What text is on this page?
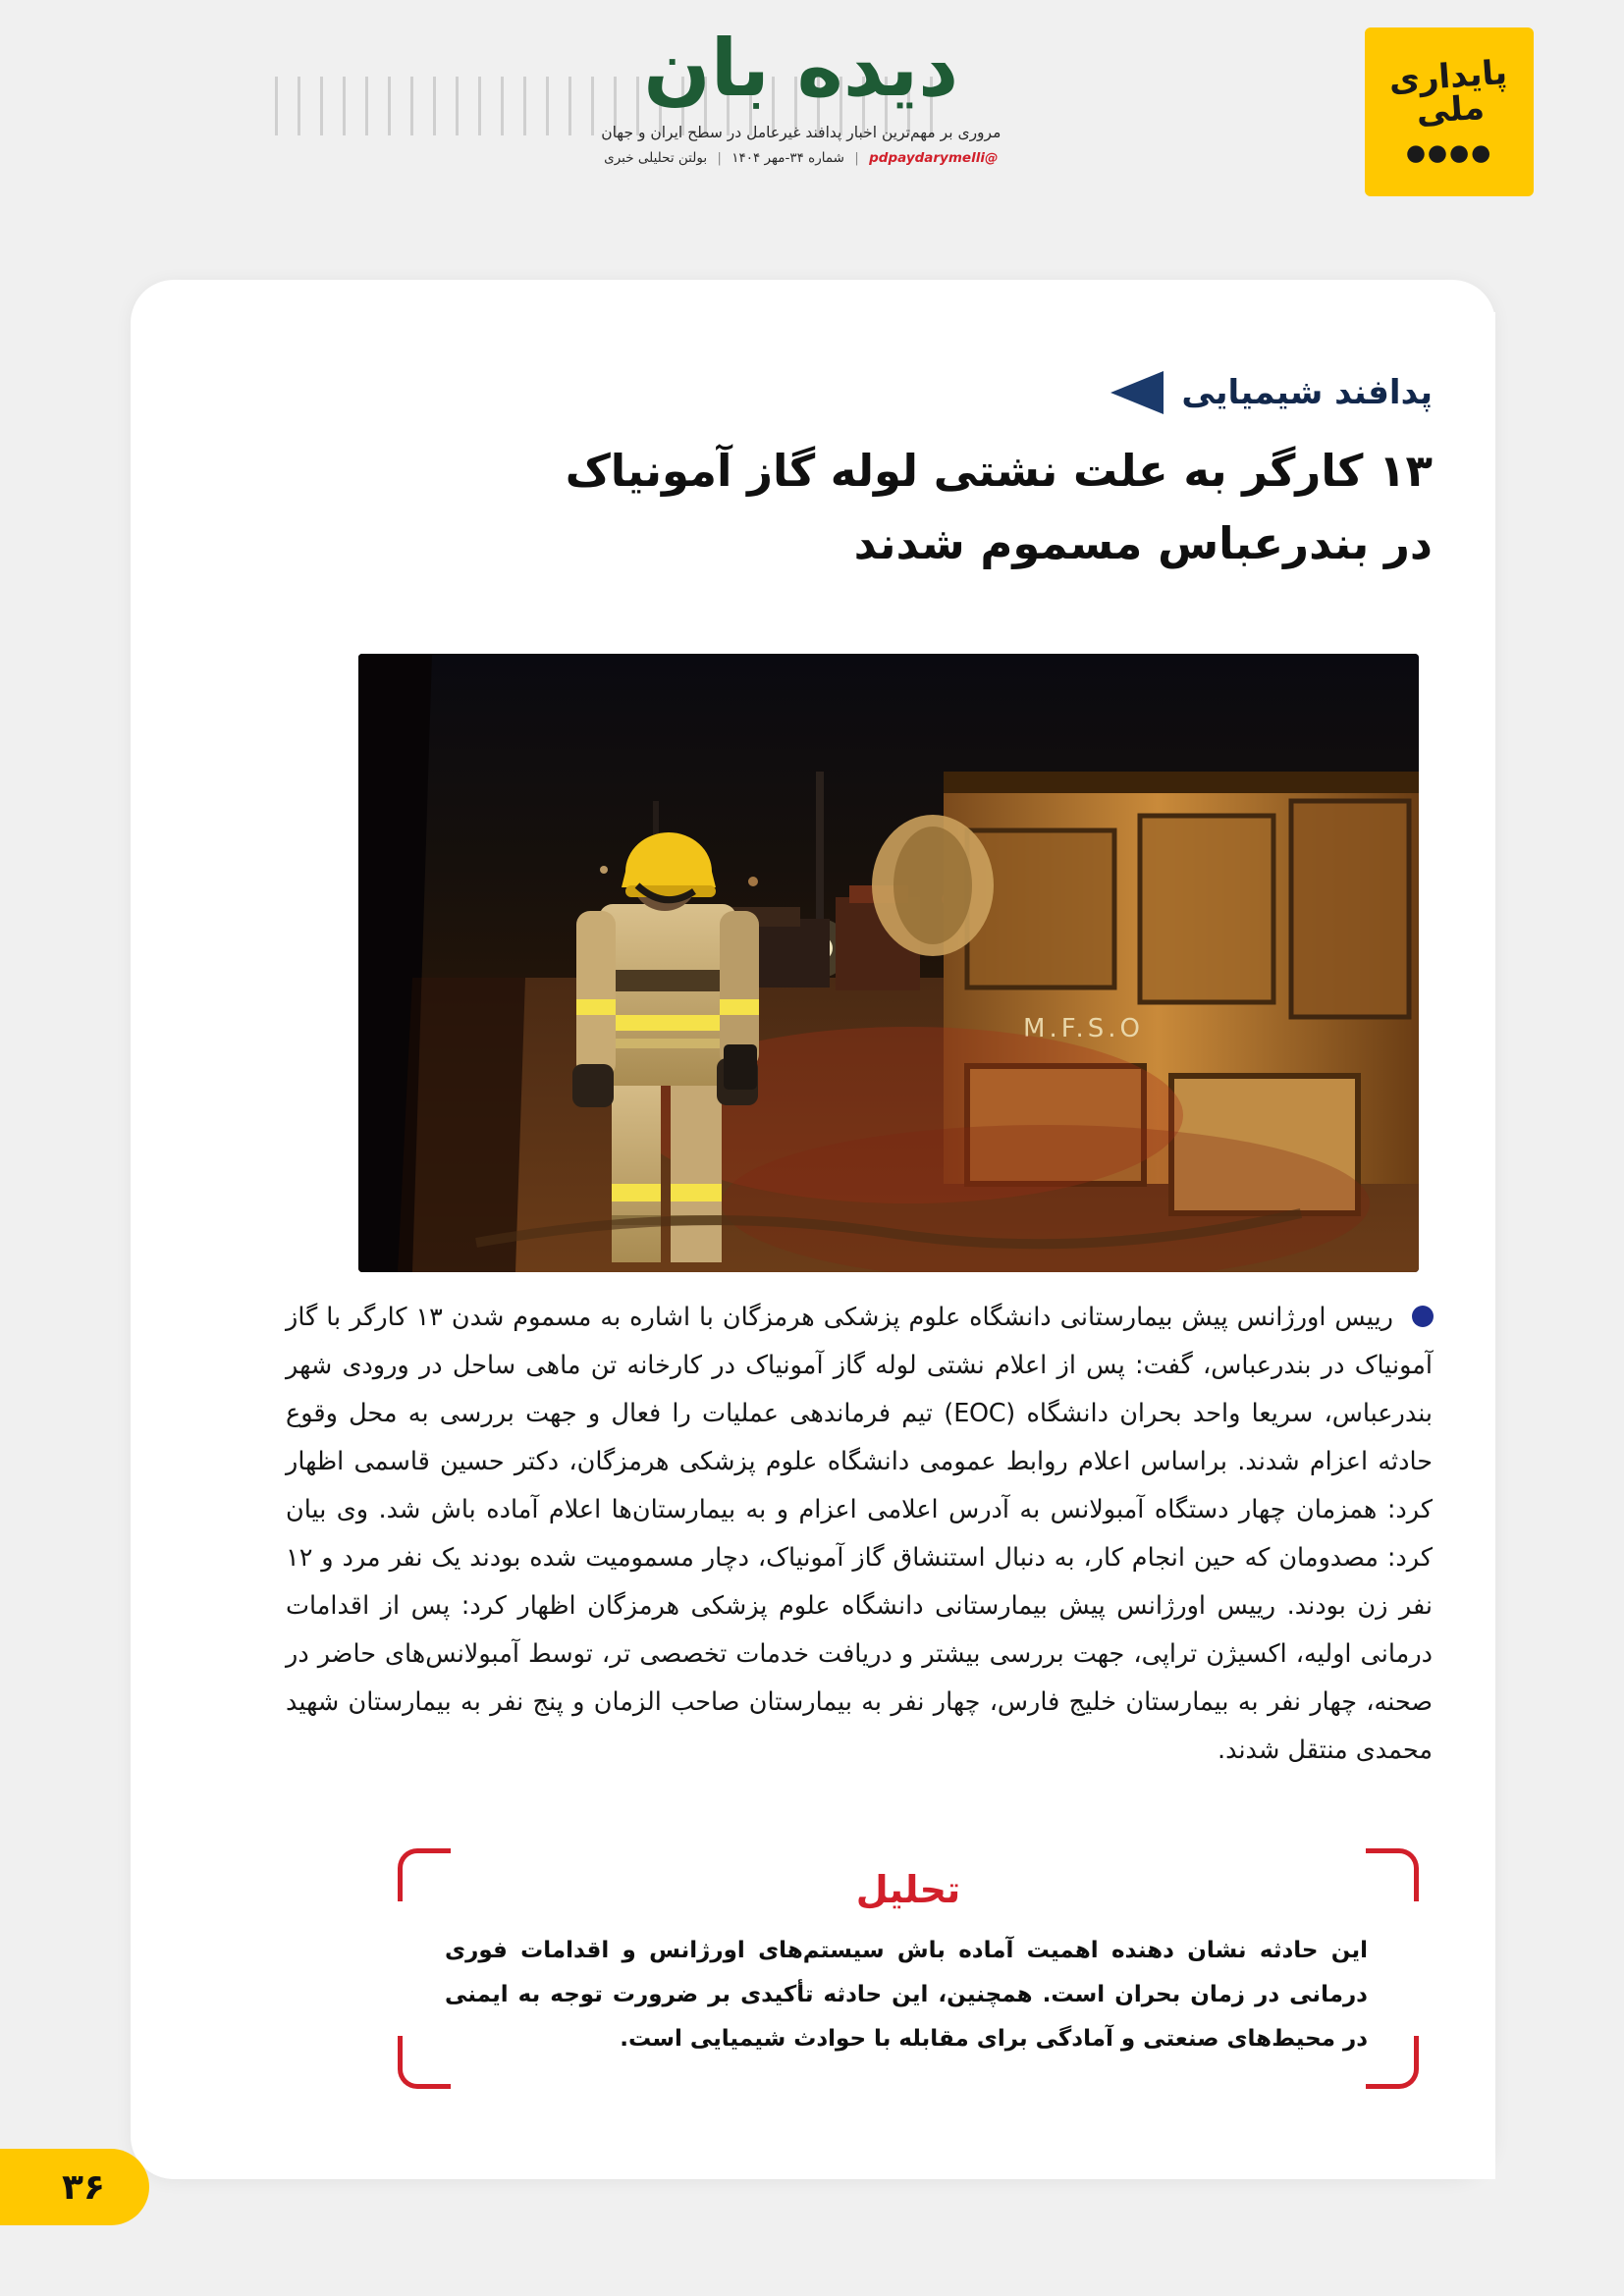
دیده بان
مروری بر مهم‌ترین اخبار پدافند غیرعامل در سطح ایران و جهان
@pdpaydarymelli | شماره ۳۴-مهر ۱۴۰۴ | بولتن تحلیلی خبری
پایداری ملی
●●●●
پدافند شیمیایی
۱۳ کارگر به علت نشتی لوله گاز آمونیاک
در بندرعباس مسموم شدند
M.F.S.O

رییس اورژانس پیش بیمارستانی دانشگاه علوم پزشکی هرمزگان با اشاره به مسموم شدن ۱۳ کارگر با گاز آمونیاک در بندرعباس، گفت: پس از اعلام نشتی لوله گاز آمونیاک در کارخانه تن ماهی ساحل در ورودی شهر بندرعباس، سریعا واحد بحران دانشگاه (EOC) تیم فرماندهی عملیات را فعال و جهت بررسی به محل وقوع حادثه اعزام شدند. براساس اعلام روابط عمومی دانشگاه علوم پزشکی هرمزگان، دکتر حسین قاسمی اظهار کرد: همزمان چهار دستگاه آمبولانس به آدرس اعلامی اعزام و به بیمارستان‌ها اعلام آماده باش شد. وی بیان کرد: مصدومان که حین انجام کار، به دنبال استنشاق گاز آمونیاک، دچار مسمومیت شده بودند یک نفر مرد و ۱۲ نفر زن بودند. رییس اورژانس پیش بیمارستانی دانشگاه علوم پزشکی هرمزگان اظهار کرد: پس از اقدامات درمانی اولیه، اکسیژن تراپی، جهت بررسی بیشتر و دریافت خدمات تخصصی تر، توسط آمبولانس‌های حاضر در صحنه، چهار نفر به بیمارستان خلیج فارس، چهار نفر به بیمارستان صاحب الزمان و پنج نفر به بیمارستان شهید محمدی منتقل شدند.

تحلیل
این حادثه نشان دهنده اهمیت آماده باش سیستم‌های اورژانس و اقدامات فوری درمانی در زمان بحران است. همچنین، این حادثه تأکیدی بر ضرورت توجه به ایمنی در محیط‌های صنعتی و آمادگی برای مقابله با حوادث شیمیایی است.
۳۶
